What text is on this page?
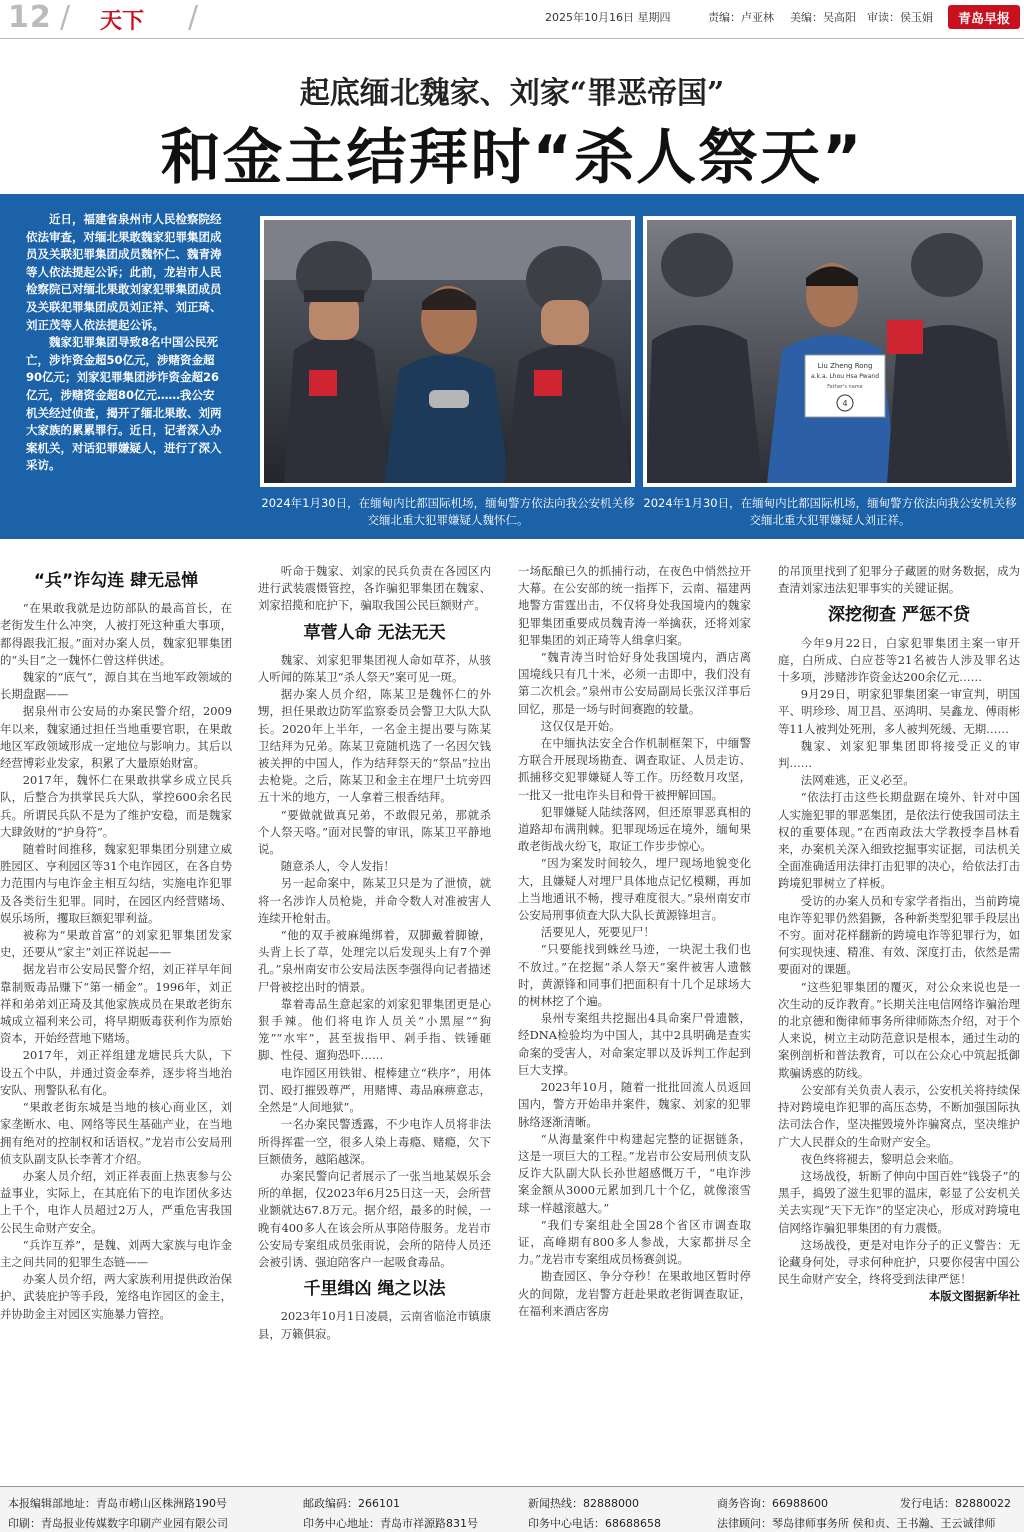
12 / 天下 /	2025年10月16日 星期四	责编：卢亚林 美编：吴高阳 审读：侯玉娟 青岛早报
起底缅北魏家、刘家“罪恶帝国”
和金主结拜时“杀人祭天”

近日，福建省泉州市人民检察院经依法审查，对缅北果敢魏家犯罪集团成员及关联犯罪集团成员魏怀仁、魏青涛等人依法提起公诉；此前，龙岩市人民检察院已对缅北果敢刘家犯罪集团成员及关联犯罪集团成员刘正祥、刘正琦、刘正茂等人依法提起公诉。

魏家犯罪集团导致8名中国公民死亡，涉诈资金超50亿元，涉赌资金超90亿元；刘家犯罪集团涉诈资金超26亿元，涉赌资金超80亿元……我公安机关经过侦查，揭开了缅北果敢、刘两大家族的累累罪行。近日，记者深入办案机关，对话犯罪嫌疑人，进行了深入采访。

2024年1月30日，在缅甸内比都国际机场，缅甸警方依法向我公安机关移交缅北重大犯罪嫌疑人魏怀仁。
Liu Zheng Rong
a.k.a. Lhou Hsa Pwand
Father's name
4
2024年1月30日，在缅甸内比都国际机场，缅甸警方依法向我公安机关移交缅北重大犯罪嫌疑人刘正祥。
“兵”诈勾连 肆无忌惮

“在果敢我就是边防部队的最高首长，在老街发生什么冲突，人被打死这种重大事项，都得跟我汇报。”面对办案人员，魏家犯罪集团的“头目”之一魏怀仁曾这样供述。

魏家的“底气”，源自其在当地军政领域的长期盘踞——

据泉州市公安局的办案民警介绍，2009年以来，魏家通过担任当地重要官职，在果敢地区军政领域形成一定地位与影响力。其后以经营博彩业发家，积累了大量原始财富。

2017年，魏怀仁在果敢拱掌乡成立民兵队，后整合为拱掌民兵大队，掌控600余名民兵。所谓民兵队不是为了维护安稳，而是魏家大肆敛财的“护身符”。

随着时间推移，魏家犯罪集团分别建立威胜园区、亨利园区等31个电诈园区，在各自势力范围内与电诈金主相互勾结，实施电诈犯罪及各类衍生犯罪。同时，在园区内经营赌场、娱乐场所，攫取巨额犯罪利益。

被称为“果敢首富”的刘家犯罪集团发家史，还要从“家主”刘正祥说起——

据龙岩市公安局民警介绍，刘正祥早年间靠制贩毒品赚下“第一桶金”。1996年，刘正祥和弟弟刘正琦及其他家族成员在果敢老街东城成立福利来公司，将早期贩毒获利作为原始资本，开始经营地下赌场。

2017年，刘正祥组建龙塘民兵大队，下设五个中队，并通过资金奉养，逐步将当地治安队、刑警队私有化。

“果敢老街东城是当地的核心商业区，刘家垄断水、电、网络等民生基础产业，在当地拥有绝对的控制权和话语权。”龙岩市公安局刑侦支队副支队长李菁才介绍。

办案人员介绍，刘正祥表面上热衷参与公益事业，实际上，在其庇佑下的电诈团伙多达上千个，电诈人员超过2万人，严重危害我国公民生命财产安全。

“兵诈互养”，是魏、刘两大家族与电诈金主之间共同的犯罪生态链——

办案人员介绍，两大家族利用提供政治保护、武装庇护等手段，笼络电诈园区的金主，并协助金主对园区实施暴力管控。

听命于魏家、刘家的民兵负责在各园区内进行武装震慑管控，各诈骗犯罪集团在魏家、刘家招揽和庇护下，骗取我国公民巨额财产。

草菅人命 无法无天

魏家、刘家犯罪集团视人命如草芥，从骇人听闻的陈某卫“杀人祭天”案可见一斑。

据办案人员介绍，陈某卫是魏怀仁的外甥，担任果敢边防军监察委员会警卫大队大队长。2020年上半年，一名金主提出要与陈某卫结拜为兄弟。陈某卫竟随机选了一名因欠钱被关押的中国人，作为结拜祭天的“祭品”拉出去枪毙。之后，陈某卫和金主在埋尸土坑旁四五十米的地方，一人拿着三根香结拜。

“要做就做真兄弟，不敢假兄弟，那就杀个人祭天咯。”面对民警的审讯，陈某卫平静地说。

随意杀人，令人发指！

另一起命案中，陈某卫只是为了泄愤，就将一名涉诈人员枪毙，并命令数人对准被害人连续开枪射击。

“他的双手被麻绳绑着，双脚戴着脚镣，头背上长了草，处理完以后发现头上有7个弹孔。”泉州南安市公安局法医李强得向记者描述尸骨被挖出时的情景。

靠着毒品生意起家的刘家犯罪集团更是心狠手辣。他们将电诈人员关“小黑屋”“狗笼”“水牢”，甚至拔指甲、剁手指、铁锤砸脚、性侵、遛狗恐吓……

电诈园区用铁钳、棍棒建立“秩序”，用体罚、殴打摧毁尊严，用赌博、毒品麻痹意志，全然是“人间地狱”。

一名办案民警透露，不少电诈人员将非法所得挥霍一空，很多人染上毒瘾、赌瘾，欠下巨额债务，越陷越深。

办案民警向记者展示了一张当地某娱乐会所的单据，仅2023年6月25日这一天，会所营业额就达67.8万元。据介绍，最多的时候，一晚有400多人在该会所从事陪侍服务。龙岩市公安局专案组成员张雨说，会所的陪侍人员还会被引诱、强迫陪客户一起吸食毒品。

千里缉凶 绳之以法

2023年10月1日凌晨，云南省临沧市镇康县，万籁俱寂。

一场酝酿已久的抓捕行动，在夜色中悄然拉开大幕。在公安部的统一指挥下，云南、福建两地警方雷霆出击，不仅将身处我国境内的魏家犯罪集团重要成员魏青涛一举擒获，还将刘家犯罪集团的刘正琦等人缉拿归案。

“魏青涛当时恰好身处我国境内，酒店离国境线只有几十米，必须一击即中，我们没有第二次机会。”泉州市公安局副局长张汉洋事后回忆，那是一场与时间赛跑的较量。

这仅仅是开始。

在中缅执法安全合作机制框架下，中缅警方联合开展现场勘查、调查取证、人员走访、抓捕移交犯罪嫌疑人等工作。历经数月攻坚，一批又一批电诈头目和骨干被押解回国。

犯罪嫌疑人陆续落网，但还原罪恶真相的道路却布满荆棘。犯罪现场远在境外，缅甸果敢老街战火纷飞，取证工作步步惊心。

“因为案发时间较久，埋尸现场地貌变化大，且嫌疑人对埋尸具体地点记忆模糊，再加上当地通讯不畅，搜寻难度很大。”泉州南安市公安局刑事侦查大队大队长黄源锋坦言。

活要见人，死要见尸！

“只要能找到蛛丝马迹，一块泥土我们也不放过。”在挖掘“杀人祭天”案件被害人遗骸时，黄源锋和同事们把面积有十几个足球场大的树林挖了个遍。

泉州专案组共挖掘出4具命案尸骨遗骸，经DNA检验均为中国人，其中2具明确是查实命案的受害人，对命案定罪以及诉判工作起到巨大支撑。

2023年10月，随着一批批回流人员返回国内，警方开始串并案件，魏家、刘家的犯罪脉络逐渐清晰。

“从海量案件中构建起完整的证据链条，这是一项巨大的工程。”龙岩市公安局刑侦支队反诈大队副大队长孙世超感慨万千，“电诈涉案金额从3000元累加到几十个亿，就像滚雪球一样越滚越大。”

“我们专案组赴全国28个省区市调查取证，高峰期有800多人参战，大家都拼尽全力。”龙岩市专案组成员杨赛剑说。

勘查园区、争分夺秒！在果敢地区暂时停火的间隙，龙岩警方赶赴果敢老街调查取证，在福利来酒店客房

的吊顶里找到了犯罪分子藏匿的财务数据，成为查清刘家违法犯罪事实的关键证据。

深挖彻查 严惩不贷

今年9月22日，白家犯罪集团主案一审开庭，白所成、白应苍等21名被告人涉及罪名达十多项，涉赌涉诈资金达200余亿元……

9月29日，明家犯罪集团案一审宣判，明国平、明珍珍、周卫昌、巫鸿明、吴鑫龙、傅雨彬等11人被判处死刑，多人被判死缓、无期……

魏家、刘家犯罪集团即将接受正义的审判……

法网难逃，正义必至。

“依法打击这些长期盘踞在境外、针对中国人实施犯罪的罪恶集团，是依法行使我国司法主权的重要体现。”在西南政法大学教授李昌林看来，办案机关深入细致挖掘事实证据，司法机关全面准确适用法律打击犯罪的决心，给依法打击跨境犯罪树立了样板。

受访的办案人员和专家学者指出，当前跨境电诈等犯罪仍然猖獗，各种新类型犯罪手段层出不穷。面对花样翻新的跨境电诈等犯罪行为，如何实现快速、精准、有效、深度打击，依然是需要面对的课题。

“这些犯罪集团的覆灭，对公众来说也是一次生动的反诈教育。”长期关注电信网络诈骗治理的北京德和衡律师事务所律师陈杰介绍，对于个人来说，树立主动防范意识是根本，通过生动的案例剖析和普法教育，可以在公众心中筑起抵御欺骗诱惑的防线。

公安部有关负责人表示，公安机关将持续保持对跨境电诈犯罪的高压态势，不断加强国际执法司法合作，坚决摧毁境外诈骗窝点，坚决维护广大人民群众的生命财产安全。

夜色终将褪去，黎明总会来临。

这场战役，斩断了伸向中国百姓“钱袋子”的黑手，捣毁了滋生犯罪的温床，彰显了公安机关关去实现“天下无诈”的坚定决心，形成对跨境电信网络诈骗犯罪集团的有力震慑。

这场战役，更是对电诈分子的正义警告：无论藏身何处，寻求何种庇护，只要你侵害中国公民生命财产安全，终将受到法律严惩！

本版文图据新华社
本报编辑部地址：青岛市崂山区株洲路190号	邮政编码：266101	新闻热线：82888000	商务咨询：66988600	发行电话：82880022
印刷：青岛报业传媒数字印刷产业园有限公司	印务中心地址：青岛市祥源路831号	印务中心电话：68688658	法律顾问：琴岛律师事务所 侯和贞、王书瀚、王云诚律师
